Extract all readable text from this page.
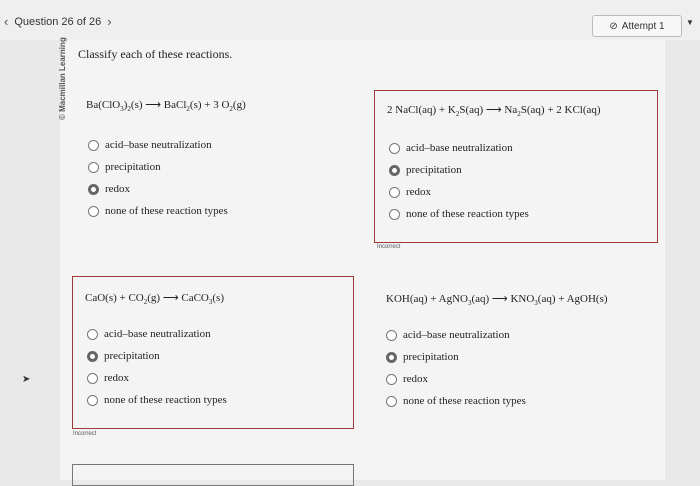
‹ Question 26 of 26 ›	⊘ Attempt 1	▼
© Macmillan Learning Classify each of these reactions.
$Ba(ClO_3)_2(s)$ ⟶ BaCl$_2$(s) + 3 $O_2(g)$
acid–base neutralization
precipitation
redox
none of these reaction types
2 NaCl(aq) + $K_2S(aq)$ ⟶ $Na_2S(aq) + 2$ KCl(aq)
acid–base neutralization
precipitation
redox
none of these reaction types
Incorrect
$CaO(s) + CO_2(g)$ ⟶ CaCO$_3$(s)
acid–base neutralization
precipitation
redox
none of these reaction types
Incorrect
KOH(aq) + AgNO$_3$(aq) ⟶ $KNO_3(aq)$ + AgOH(s)
acid–base neutralization
precipitation
redox
none of these reaction types
➤
